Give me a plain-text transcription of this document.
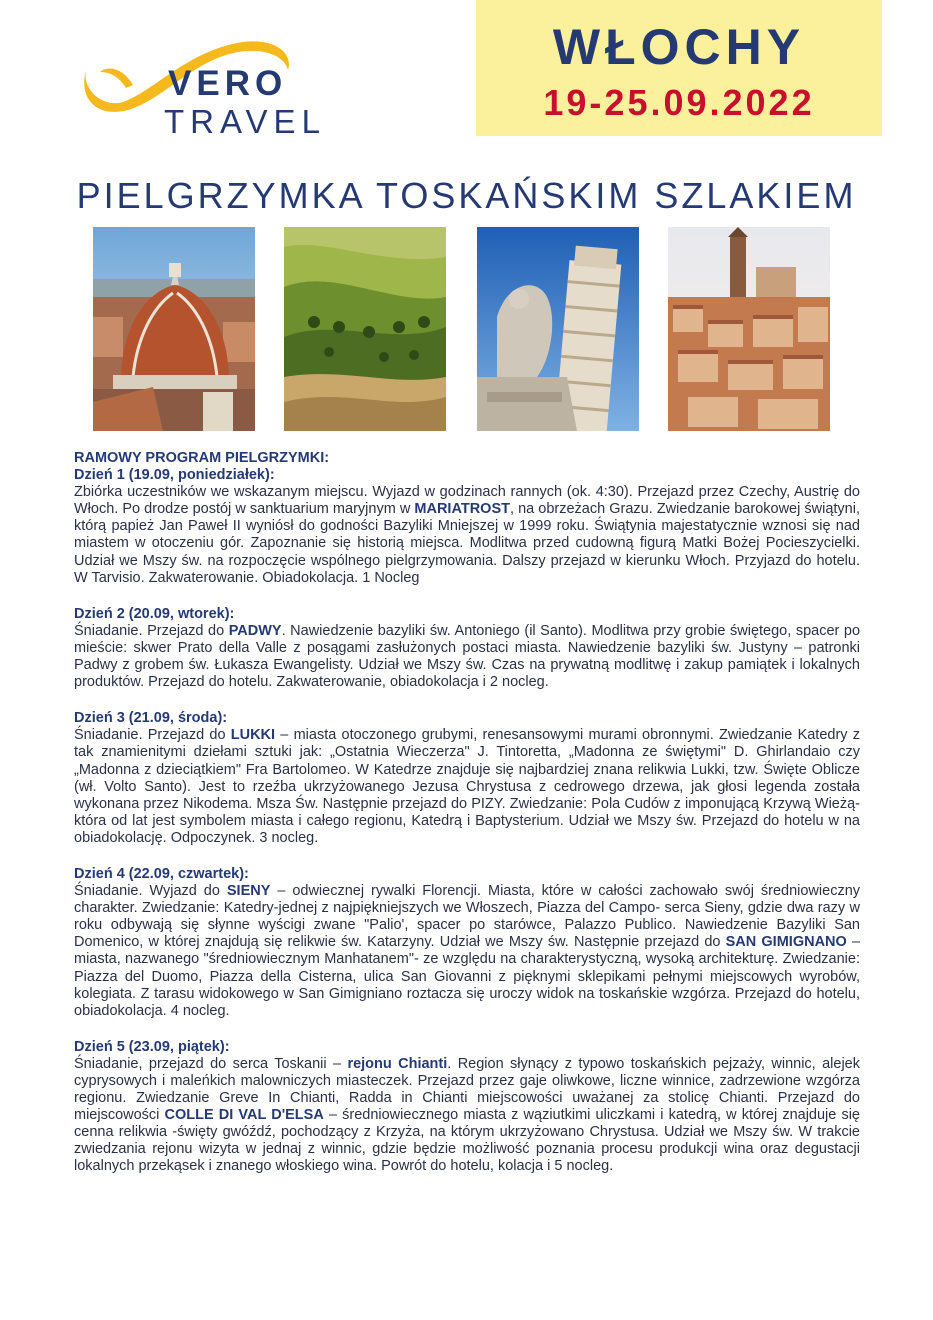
VERO
TRAVEL
WŁOCHY
19-25.09.2022
PIELGRZYMKA TOSKAŃSKIM SZLAKIEM
RAMOWY PROGRAM PIELGRZYMKI:
Dzień 1 (19.09, poniedziałek):
Zbiórka uczestników we wskazanym miejscu. Wyjazd w godzinach rannych (ok. 4:30). Przejazd przez Czechy, Austrię do Włoch. Po drodze postój w sanktuarium maryjnym w MARIATROST, na obrzeżach Grazu. Zwiedzanie barokowej świątyni, którą papież Jan Paweł II wyniósł do godności Bazyliki Mniejszej w 1999 roku. Świątynia majestatycznie wznosi się nad miastem w otoczeniu gór. Zapoznanie się historią miejsca. Modlitwa przed cudowną figurą Matki Bożej Pocieszycielki. Udział we Mszy św. na rozpoczęcie wspólnego pielgrzymowania. Dalszy przejazd w kierunku Włoch. Przyjazd do hotelu. W Tarvisio. Zakwaterowanie. Obiadokolacja. 1 Nocleg
Dzień 2 (20.09, wtorek):
Śniadanie. Przejazd do PADWY. Nawiedzenie bazyliki św. Antoniego (il Santo). Modlitwa przy grobie świętego, spacer po mieście: skwer Prato della Valle z posągami zasłużonych postaci miasta. Nawiedzenie bazyliki św. Justyny – patronki Padwy z grobem św. Łukasza Ewangelisty. Udział we Mszy św. Czas na prywatną modlitwę i zakup pamiątek i lokalnych produktów. Przejazd do hotelu. Zakwaterowanie, obiadokolacja i 2 nocleg.
Dzień 3 (21.09, środa):
Śniadanie. Przejazd do LUKKI – miasta otoczonego grubymi, renesansowymi murami obronnymi. Zwiedzanie Katedry z tak znamienitymi dziełami sztuki jak: „Ostatnia Wieczerza" J. Tintoretta, „Madonna ze świętymi" D. Ghirlandaio czy „Madonna z dzieciątkiem" Fra Bartolomeo. W Katedrze znajduje się najbardziej znana relikwia Lukki, tzw. Święte Oblicze (wł. Volto Santo). Jest to rzeźba ukrzyżowanego Jezusa Chrystusa z cedrowego drzewa, jak głosi legenda została wykonana przez Nikodema. Msza Św. Następnie przejazd do PIZY. Zwiedzanie: Pola Cudów z imponującą Krzywą Wieżą- która od lat jest symbolem miasta i całego regionu, Katedrą i Baptysterium. Udział we Mszy św. Przejazd do hotelu w na obiadokolację. Odpoczynek. 3 nocleg.
Dzień 4 (22.09, czwartek):
Śniadanie. Wyjazd do SIENY – odwiecznej rywalki Florencji. Miasta, które w całości zachowało swój średniowieczny charakter. Zwiedzanie: Katedry-jednej z najpiękniejszych we Włoszech, Piazza del Campo- serca Sieny, gdzie dwa razy w roku odbywają się słynne wyścigi zwane "Palio', spacer po starówce, Palazzo Publico. Nawiedzenie Bazyliki San Domenico, w której znajdują się relikwie św. Katarzyny. Udział we Mszy św. Następnie przejazd do SAN GIMIGNANO – miasta, nazwanego "średniowiecznym Manhatanem"- ze względu na charakterystyczną, wysoką architekturę. Zwiedzanie: Piazza del Duomo, Piazza della Cisterna, ulica San Giovanni z pięknymi sklepikami pełnymi miejscowych wyrobów, kolegiata. Z tarasu widokowego w San Gimigniano roztacza się uroczy widok na toskańskie wzgórza. Przejazd do hotelu, obiadokolacja. 4 nocleg.
Dzień 5 (23.09, piątek):
Śniadanie, przejazd do serca Toskanii – rejonu Chianti. Region słynący z typowo toskańskich pejzaży, winnic, alejek cyprysowych i maleńkich malowniczych miasteczek. Przejazd przez gaje oliwkowe, liczne winnice, zadrzewione wzgórza regionu. Zwiedzanie Greve In Chianti, Radda in Chianti miejscowości uważanej za stolicę Chianti. Przejazd do miejscowości COLLE DI VAL D'ELSA – średniowiecznego miasta z wąziutkimi uliczkami i katedrą, w której znajduje się cenna relikwia -święty gwóźdź, pochodzący z Krzyża, na którym ukrzyżowano Chrystusa. Udział we Mszy św. W trakcie zwiedzania rejonu wizyta w jednaj z winnic, gdzie będzie możliwość poznania procesu produkcji wina oraz degustacji lokalnych przekąsek i znanego włoskiego wina. Powrót do hotelu, kolacja i 5 nocleg.
